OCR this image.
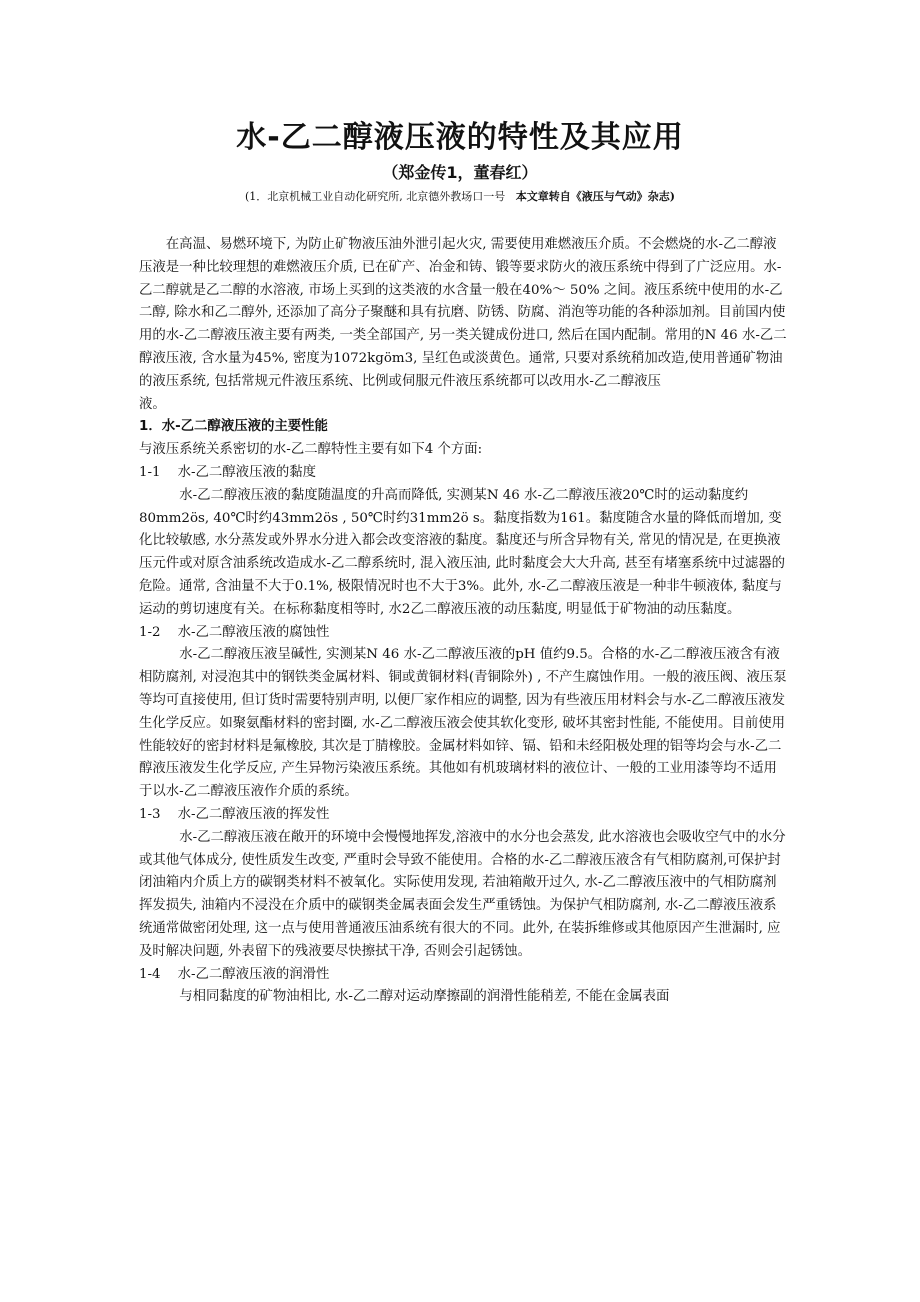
水-乙二醇液压液的特性及其应用
（郑金传1，董春红）
(1．北京机械工业自动化研究所, 北京德外教场口一号 本文章转自《液压与气动》杂志)

在高温、易燃环境下, 为防止矿物液压油外泄引起火灾, 需要使用难燃液压介质。不会燃烧的水-乙二醇液压液是一种比较理想的难燃液压介质, 已在矿产、冶金和铸、锻等要求防火的液压系统中得到了广泛应用。水-乙二醇就是乙二醇的水溶液, 市场上买到的这类液的水含量一般在40%～ 50% 之间。液压系统中使用的水-乙二醇, 除水和乙二醇外, 还添加了高分子聚醚和具有抗磨、防锈、防腐、消泡等功能的各种添加剂。目前国内使用的水-乙二醇液压液主要有两类, 一类全部国产, 另一类关键成份进口, 然后在国内配制。常用的N 46 水-乙二醇液压液, 含水量为45%, 密度为1072kgöm3, 呈红色或淡黄色。通常, 只要对系统稍加改造,使用普通矿物油的液压系统, 包括常规元件液压系统、比例或伺服元件液压系统都可以改用水-乙二醇液压

液。

1．水-乙二醇液压液的主要性能

与液压系统关系密切的水-乙二醇特性主要有如下4 个方面:

1-1    水-乙二醇液压液的黏度

水-乙二醇液压液的黏度随温度的升高而降低, 实测某N 46 水-乙二醇液压液20℃时的运动黏度约80mm2ös, 40℃时约43mm2ös , 50℃时约31mm2ö s。黏度指数为161。黏度随含水量的降低而增加, 变化比较敏感, 水分蒸发或外界水分进入都会改变溶液的黏度。黏度还与所含异物有关, 常见的情况是, 在更换液压元件或对原含油系统改造成水-乙二醇系统时, 混入液压油, 此时黏度会大大升高, 甚至有堵塞系统中过滤器的危险。通常, 含油量不大于0.1%, 极限情况时也不大于3%。此外, 水-乙二醇液压液是一种非牛顿液体, 黏度与运动的剪切速度有关。在标称黏度相等时, 水2乙二醇液压液的动压黏度, 明显低于矿物油的动压黏度。

1-2    水-乙二醇液压液的腐蚀性

水-乙二醇液压液呈碱性, 实测某N 46 水-乙二醇液压液的pH 值约9.5。合格的水-乙二醇液压液含有液相防腐剂, 对浸泡其中的钢铁类金属材料、铜或黄铜材料(青铜除外) , 不产生腐蚀作用。一般的液压阀、液压泵等均可直接使用, 但订货时需要特别声明, 以便厂家作相应的调整, 因为有些液压用材料会与水-乙二醇液压液发生化学反应。如聚氨酯材料的密封圈, 水-乙二醇液压液会使其软化变形, 破坏其密封性能, 不能使用。目前使用性能较好的密封材料是氟橡胶, 其次是丁腈橡胶。金属材料如锌、镉、铅和未经阳极处理的铝等均会与水-乙二醇液压液发生化学反应, 产生异物污染液压系统。其他如有机玻璃材料的液位计、一般的工业用漆等均不适用于以水-乙二醇液压液作介质的系统。

1-3    水-乙二醇液压液的挥发性

水-乙二醇液压液在敞开的环境中会慢慢地挥发,溶液中的水分也会蒸发, 此水溶液也会吸收空气中的水分或其他气体成分, 使性质发生改变, 严重时会导致不能使用。合格的水-乙二醇液压液含有气相防腐剂,可保护封闭油箱内介质上方的碳钢类材料不被氧化。实际使用发现, 若油箱敞开过久, 水-乙二醇液压液中的气相防腐剂挥发损失, 油箱内不浸没在介质中的碳钢类金属表面会发生严重锈蚀。为保护气相防腐剂, 水-乙二醇液压液系统通常做密闭处理, 这一点与使用普通液压油系统有很大的不同。此外, 在装拆维修或其他原因产生泄漏时, 应及时解决问题, 外表留下的残液要尽快擦拭干净, 否则会引起锈蚀。

1-4    水-乙二醇液压液的润滑性

与相同黏度的矿物油相比, 水-乙二醇对运动摩擦副的润滑性能稍差, 不能在金属表面
